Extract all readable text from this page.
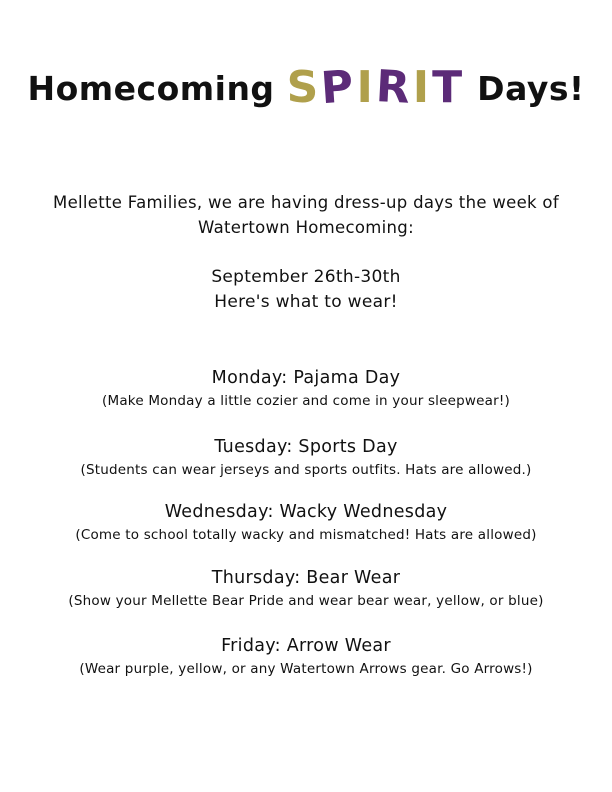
Homecoming SPIRIT Days!
Mellette Families, we are having dress-up days the week of
Watertown Homecoming:
September 26th-30th
Here's what to wear!
Monday: Pajama Day
(Make Monday a little cozier and come in your sleepwear!)
Tuesday: Sports Day
(Students can wear jerseys and sports outfits. Hats are allowed.)
Wednesday: Wacky Wednesday
(Come to school totally wacky and mismatched! Hats are allowed)
Thursday: Bear Wear
(Show your Mellette Bear Pride and wear bear wear, yellow, or blue)
Friday: Arrow Wear
(Wear purple, yellow, or any Watertown Arrows gear. Go Arrows!)
